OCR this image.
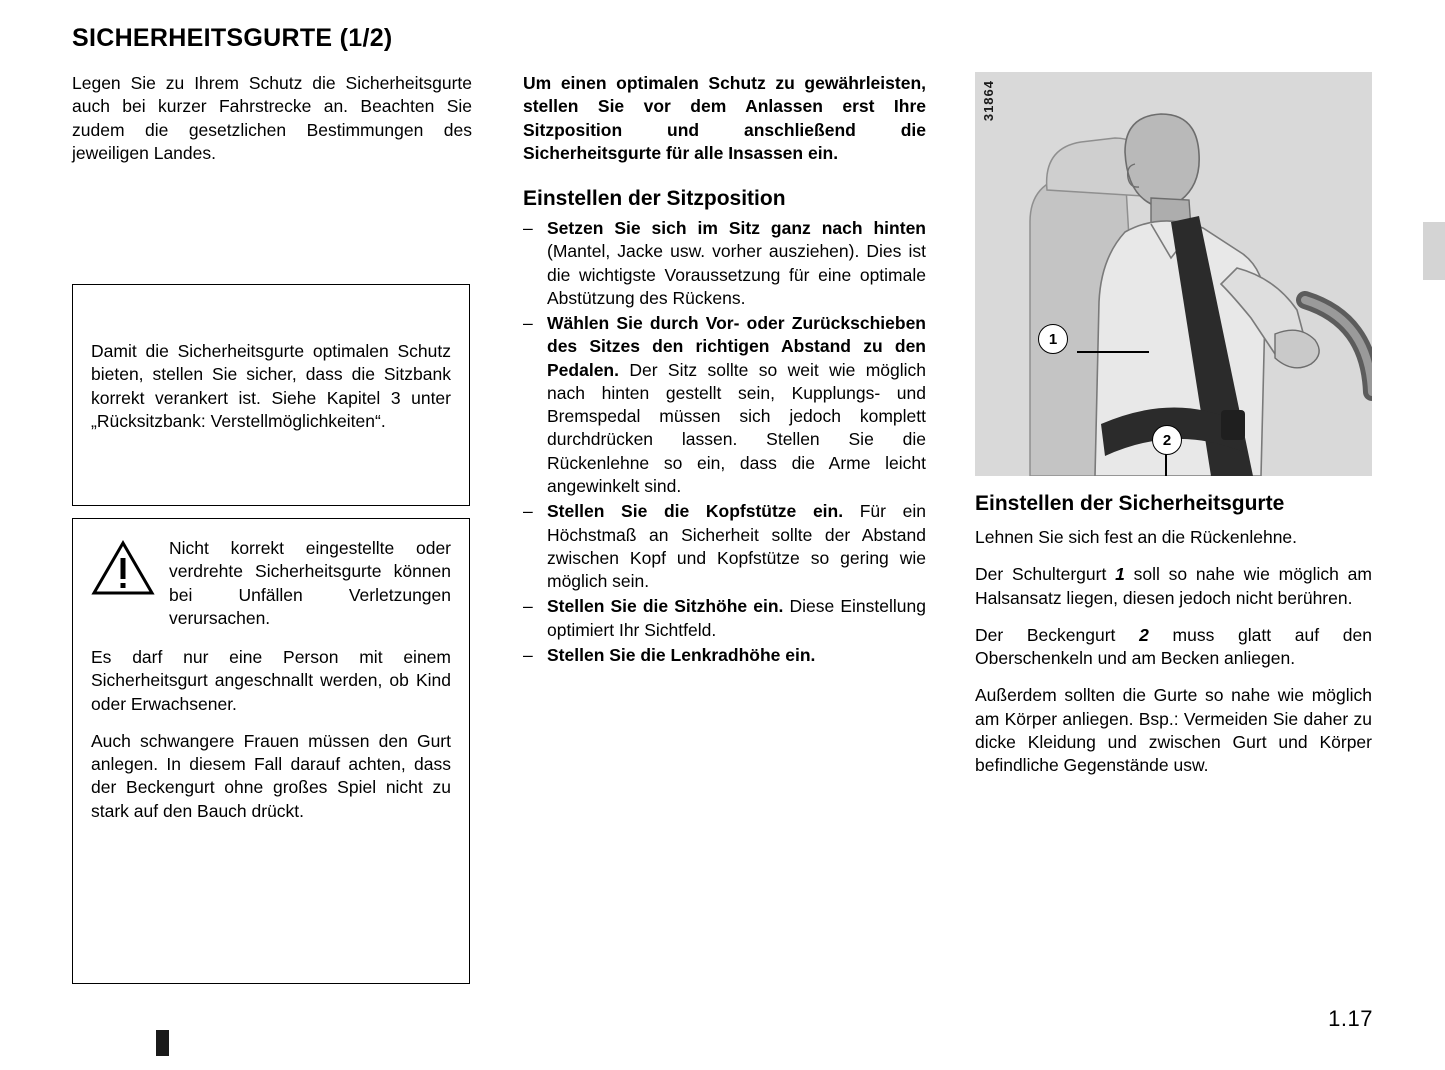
SICHERHEITSGURTE (1/2)

Legen Sie zu Ihrem Schutz die Sicherheitsgurte auch bei kurzer Fahrstrecke an. Beachten Sie zudem die gesetzlichen Bestimmungen des jeweiligen Landes.

Damit die Sicherheitsgurte optimalen Schutz bieten, stellen Sie sicher, dass die Sitzbank korrekt verankert ist. Siehe Kapitel 3 unter „Rücksitzbank: Verstellmöglichkeiten“.

Nicht korrekt eingestellte oder verdrehte Sicherheitsgurte können bei Unfällen Verletzungen verursachen.

Es darf nur eine Person mit einem Sicherheitsgurt angeschnallt werden, ob Kind oder Erwachsener.

Auch schwangere Frauen müssen den Gurt anlegen. In diesem Fall darauf achten, dass der Beckengurt ohne großes Spiel nicht zu stark auf den Bauch drückt.

Um einen optimalen Schutz zu gewährleisten, stellen Sie vor dem Anlassen erst Ihre Sitzposition und anschließend die Sicherheitsgurte für alle Insassen ein.

Einstellen der Sitzposition
– Setzen Sie sich im Sitz ganz nach hinten (Mantel, Jacke usw. vorher ausziehen). Dies ist die wichtigste Voraussetzung für eine optimale Abstützung des Rückens.
– Wählen Sie durch Vor- oder Zurückschieben des Sitzes den richtigen Abstand zu den Pedalen. Der Sitz sollte so weit wie möglich nach hinten gestellt sein, Kupplungs- und Bremspedal müssen sich jedoch komplett durchdrücken lassen. Stellen Sie die Rückenlehne so ein, dass die Arme leicht angewinkelt sind.
– Stellen Sie die Kopfstütze ein. Für ein Höchstmaß an Sicherheit sollte der Abstand zwischen Kopf und Kopfstütze so gering wie möglich sein.
– Stellen Sie die Sitzhöhe ein. Diese Einstellung optimiert Ihr Sichtfeld.
– Stellen Sie die Lenkradhöhe ein.
31864
1
2
Einstellen der Sicherheitsgurte

Lehnen Sie sich fest an die Rückenlehne.

Der Schultergurt 1 soll so nahe wie möglich am Halsansatz liegen, diesen jedoch nicht berühren.

Der Beckengurt 2 muss glatt auf den Oberschenkeln und am Becken anliegen.

Außerdem sollten die Gurte so nahe wie möglich am Körper anliegen. Bsp.: Vermeiden Sie daher zu dicke Kleidung und zwischen Gurt und Körper befindliche Gegenstände usw.

1.17
